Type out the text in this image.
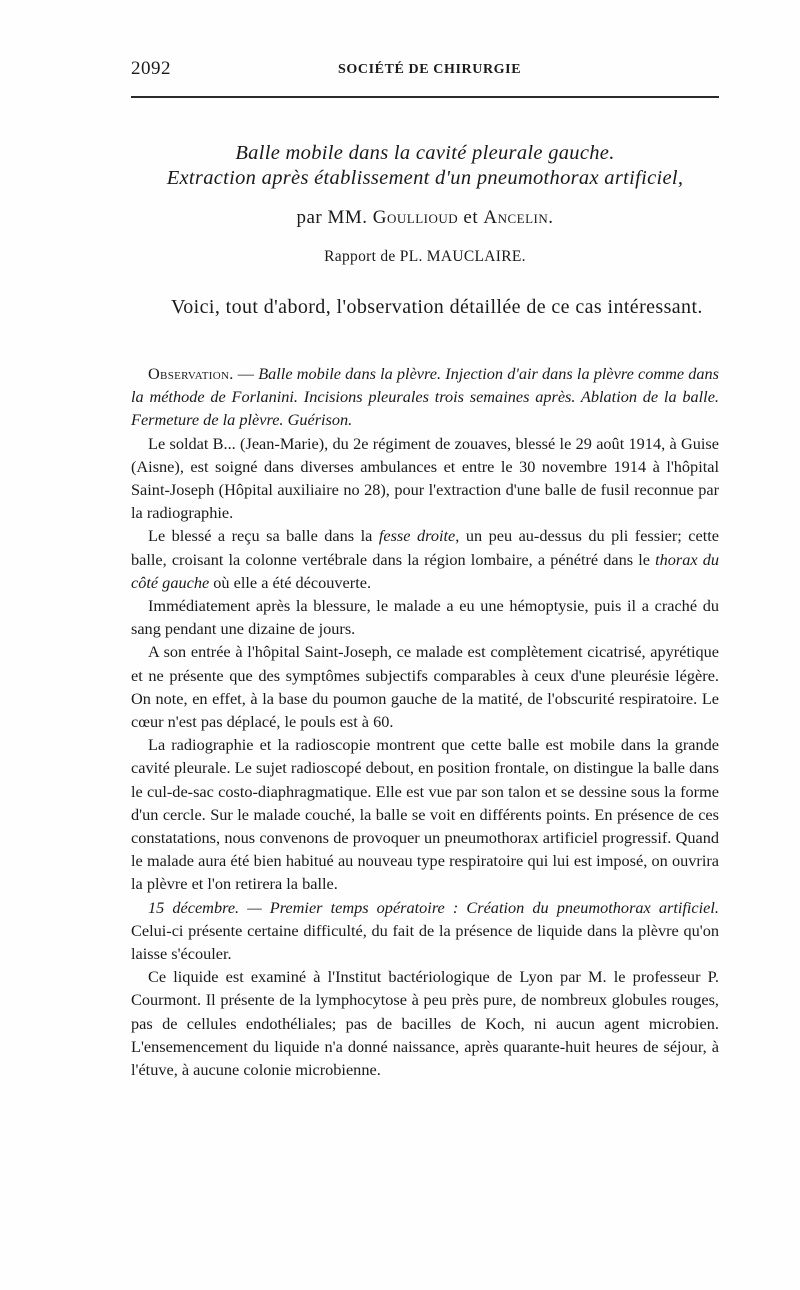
2092	SOCIÉTÉ DE CHIRURGIE
Balle mobile dans la cavité pleurale gauche.
Extraction après établissement d'un pneumothorax artificiel,
par MM. Goullioud et Ancelin.
Rapport de PL. MAUCLAIRE.
Voici, tout d'abord, l'observation détaillée de ce cas intéressant.

Observation. — Balle mobile dans la plèvre. Injection d'air dans la plèvre comme dans la méthode de Forlanini. Incisions pleurales trois semaines après. Ablation de la balle. Fermeture de la plèvre. Guérison.

Le soldat B... (Jean-Marie), du 2e régiment de zouaves, blessé le 29 août 1914, à Guise (Aisne), est soigné dans diverses ambulances et entre le 30 novembre 1914 à l'hôpital Saint-Joseph (Hôpital auxiliaire no 28), pour l'extraction d'une balle de fusil reconnue par la radiographie.

Le blessé a reçu sa balle dans la fesse droite, un peu au-dessus du pli fessier; cette balle, croisant la colonne vertébrale dans la région lombaire, a pénétré dans le thorax du côté gauche où elle a été découverte.

Immédiatement après la blessure, le malade a eu une hémoptysie, puis il a craché du sang pendant une dizaine de jours.

A son entrée à l'hôpital Saint-Joseph, ce malade est complètement cicatrisé, apyrétique et ne présente que des symptômes subjectifs comparables à ceux d'une pleurésie légère. On note, en effet, à la base du poumon gauche de la matité, de l'obscurité respiratoire. Le cœur n'est pas déplacé, le pouls est à 60.

La radiographie et la radioscopie montrent que cette balle est mobile dans la grande cavité pleurale. Le sujet radioscopé debout, en position frontale, on distingue la balle dans le cul-de-sac costo-diaphragmatique. Elle est vue par son talon et se dessine sous la forme d'un cercle. Sur le malade couché, la balle se voit en différents points. En présence de ces constatations, nous convenons de provoquer un pneumothorax artificiel progressif. Quand le malade aura été bien habitué au nouveau type respiratoire qui lui est imposé, on ouvrira la plèvre et l'on retirera la balle.

15 décembre. — Premier temps opératoire : Création du pneumothorax artificiel. Celui-ci présente certaine difficulté, du fait de la présence de liquide dans la plèvre qu'on laisse s'écouler.

Ce liquide est examiné à l'Institut bactériologique de Lyon par M. le professeur P. Courmont. Il présente de la lymphocytose à peu près pure, de nombreux globules rouges, pas de cellules endothéliales; pas de bacilles de Koch, ni aucun agent microbien. L'ensemencement du liquide n'a donné naissance, après quarante-huit heures de séjour, à l'étuve, à aucune colonie microbienne.
